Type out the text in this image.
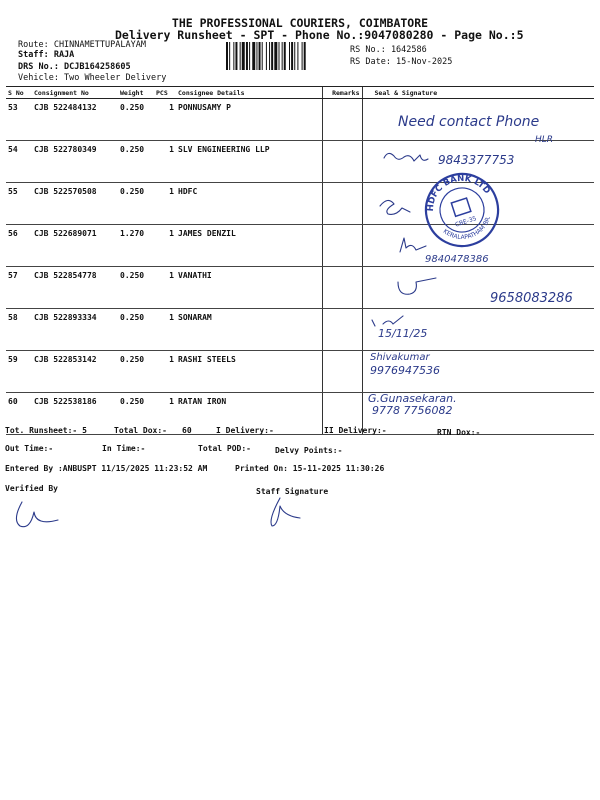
THE PROFESSIONAL COURIERS, COIMBATORE
Delivery Runsheet - SPT - Phone No.:9047080280 - Page No.:5
Route: CHINNAMETTUPALAYAM
Staff: RAJA
DRS No.: DCJB164258605
Vehicle: Two Wheeler Delivery
RS No.: 1642586
RS Date: 15-Nov-2025
S No	Consignment No	Weight	PCS	Consignee Details	Remarks	Seal & Signature
53	CJB 522484132	0.250	1	PONNUSAMY P		
54	CJB 522780349	0.250	1	SLV ENGINEERING LLP		
55	CJB 522570508	0.250	1	HDFC		
56	CJB 522689071	1.270	1	JAMES DENZIL		
57	CJB 522854778	0.250	1	VANATHI		
58	CJB 522893334	0.250	1	SONARAM		
59	CJB 522853142	0.250	1	RASHI STEELS		
60	CJB 522538186	0.250	1	RATAN IRON		
Need contact Phone
HLR
9843377753
HDFC BANK LTD
KERALAPATHAM BR.
CBE-35
9840478386
9658083286
15/11/25
Shivakumar
9976947536
G.Gunasekaran.
9778 7756082
Tot. Runsheet:- 5	Total Dox:- 60	I Delivery:-	II Delivery:-	RTN Dox:-
Out Time:-	In Time:-	Total POD:-	Delvy Points:-
Entered By :ANBUSPT 11/15/2025 11:23:52 AM	Printed On: 15-11-2025 11:30:26
Verified By	Staff Signature
